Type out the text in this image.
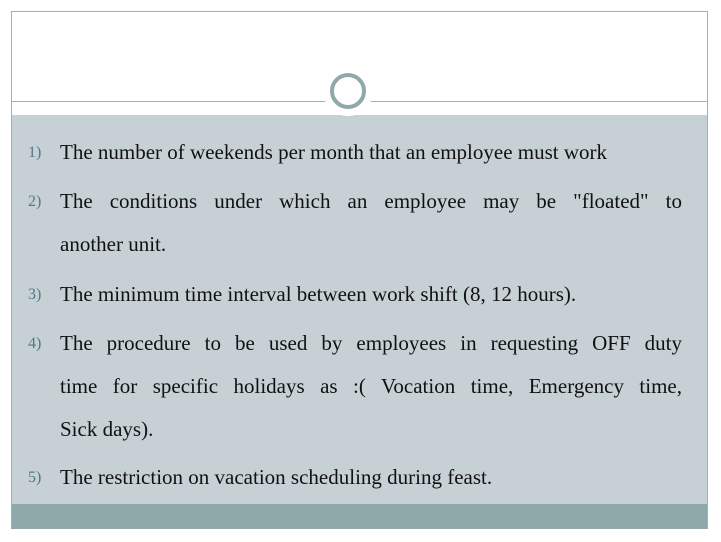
1) The number of weekends per month that an employee must work
2) The conditions under which an employee may be "floated" to
another unit.
3) The minimum time interval between work shift (8, 12 hours).
4) The procedure to be used by employees in requesting OFF duty
time for specific holidays as :( Vocation time, Emergency time,
Sick days).
5) The restriction on vacation scheduling during feast.
